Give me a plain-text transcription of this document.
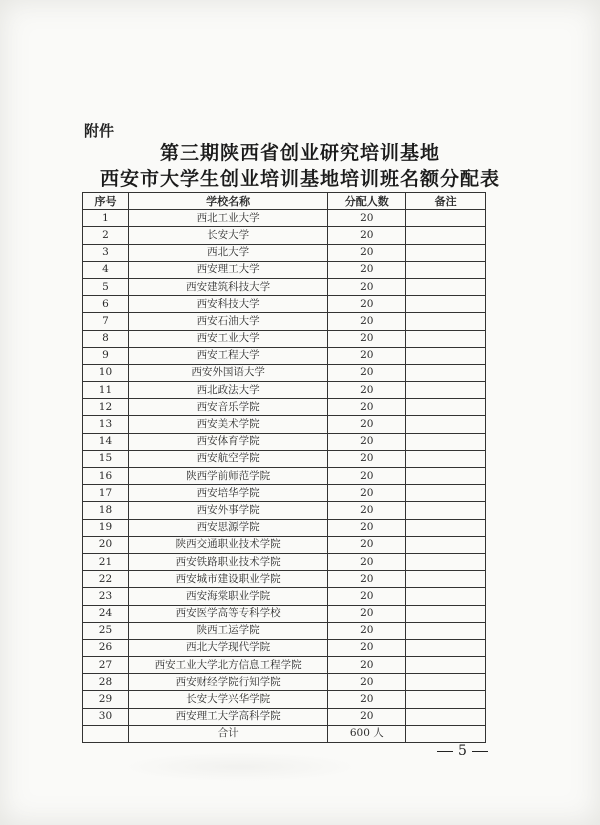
附件
第三期陕西省创业研究培训基地
西安市大学生创业培训基地培训班名额分配表
序号	学校名称	分配人数	备注
1	西北工业大学	20	
2	长安大学	20	
3	西北大学	20	
4	西安理工大学	20	
5	西安建筑科技大学	20	
6	西安科技大学	20	
7	西安石油大学	20	
8	西安工业大学	20	
9	西安工程大学	20	
10	西安外国语大学	20	
11	西北政法大学	20	
12	西安音乐学院	20	
13	西安美术学院	20	
14	西安体育学院	20	
15	西安航空学院	20	
16	陕西学前师范学院	20	
17	西安培华学院	20	
18	西安外事学院	20	
19	西安思源学院	20	
20	陕西交通职业技术学院	20	
21	西安铁路职业技术学院	20	
22	西安城市建设职业学院	20	
23	西安海棠职业学院	20	
24	西安医学高等专科学校	20	
25	陕西工运学院	20	
26	西北大学现代学院	20	
27	西安工业大学北方信息工程学院	20	
28	西安财经学院行知学院	20	
29	长安大学兴华学院	20	
30	西安理工大学高科学院	20	
	合计	600 人	
5
